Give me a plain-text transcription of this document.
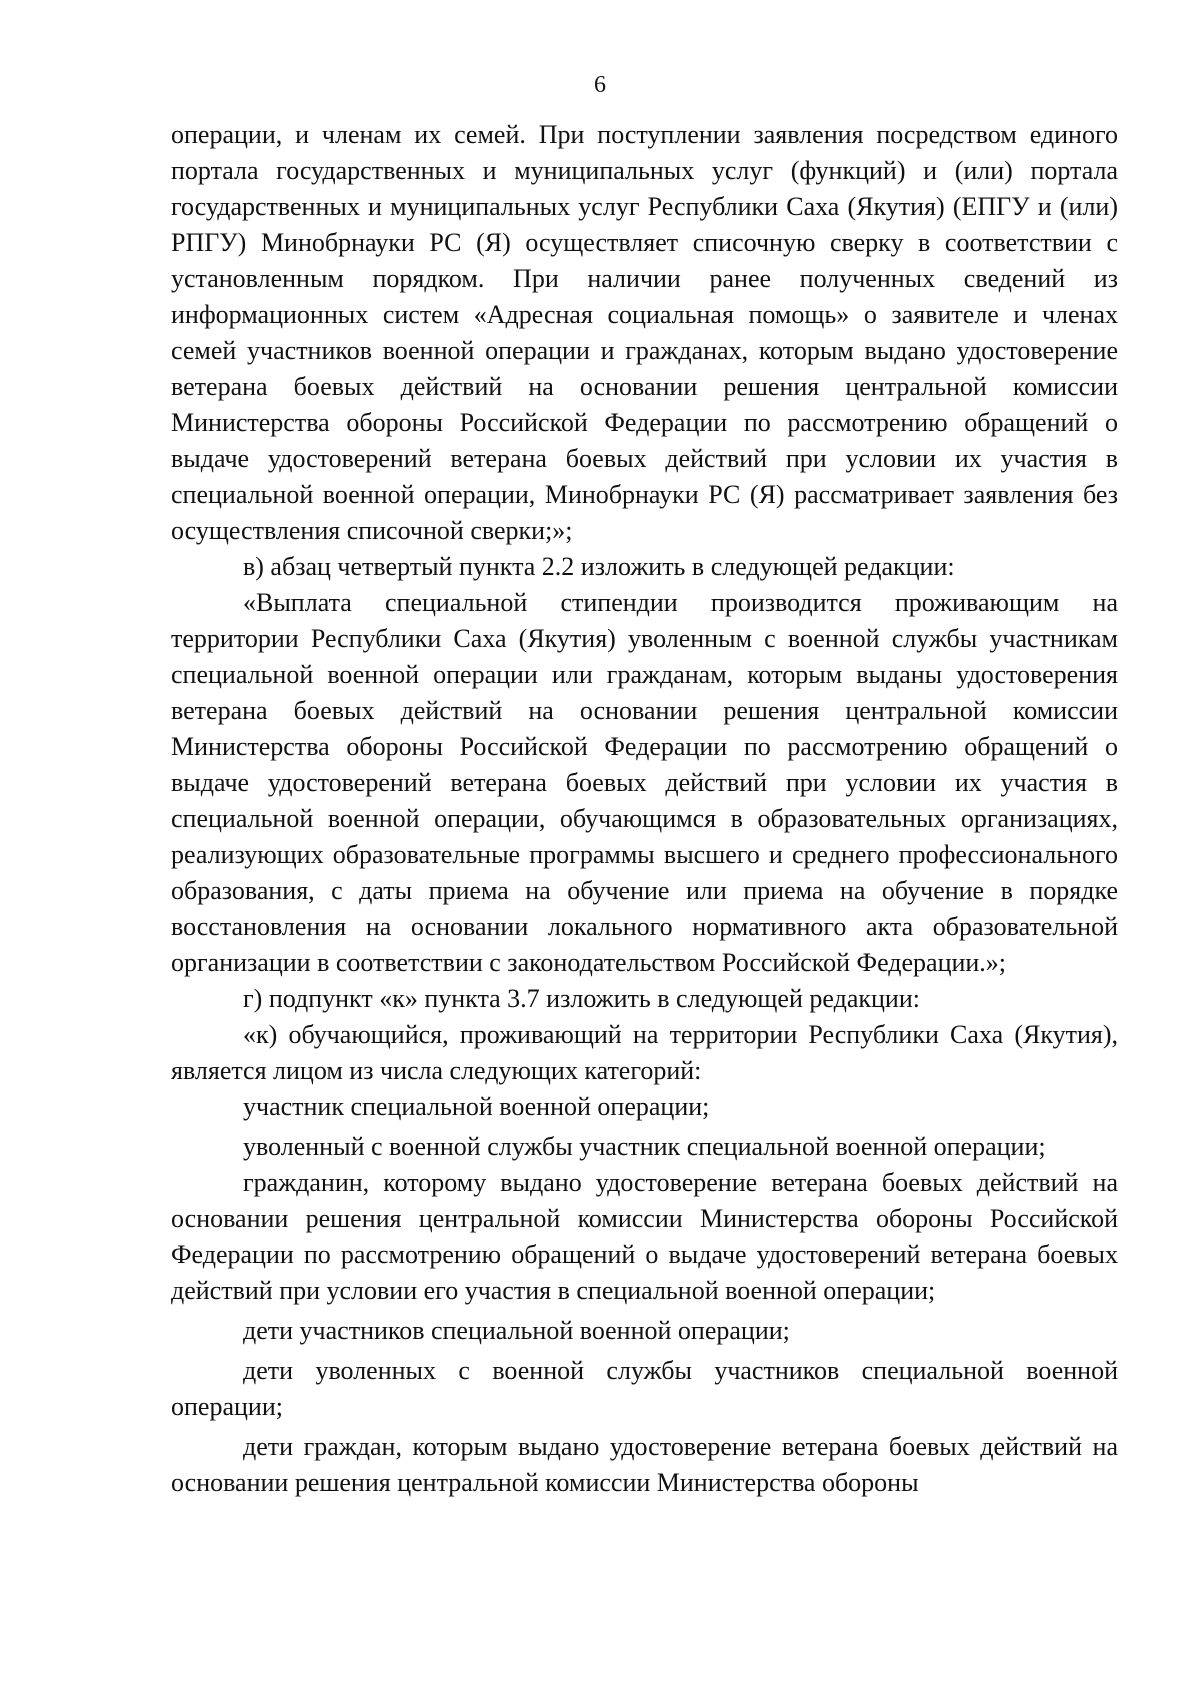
6

операции, и членам их семей. При поступлении заявления посредством единого портала государственных и муниципальных услуг (функций) и (или) портала государственных и муниципальных услуг Республики Саха (Якутия) (ЕПГУ и (или) РПГУ) Минобрнауки РС (Я) осуществляет списочную сверку в соответствии с установленным порядком. При наличии ранее полученных сведений из информационных систем «Адресная социальная помощь» о заявителе и членах семей участников военной операции и гражданах, которым выдано удостоверение ветерана боевых действий на основании решения центральной комиссии Министерства обороны Российской Федерации по рассмотрению обращений о выдаче удостоверений ветерана боевых действий при условии их участия в специальной военной операции, Минобрнауки РС (Я) рассматривает заявления без осуществления списочной сверки;»;

в) абзац четвертый пункта 2.2 изложить в следующей редакции:

«Выплата специальной стипендии производится проживающим на территории Республики Саха (Якутия) уволенным с военной службы участникам специальной военной операции или гражданам, которым выданы удостоверения ветерана боевых действий на основании решения центральной комиссии Министерства обороны Российской Федерации по рассмотрению обращений о выдаче удостоверений ветерана боевых действий при условии их участия в специальной военной операции, обучающимся в образовательных организациях, реализующих образовательные программы высшего и среднего профессионального образования, с даты приема на обучение или приема на обучение в порядке восстановления на основании локального нормативного акта образовательной организации в соответствии с законодательством Российской Федерации.»;

г) подпункт «к» пункта 3.7 изложить в следующей редакции:

«к) обучающийся, проживающий на территории Республики Саха (Якутия), является лицом из числа следующих категорий:

участник специальной военной операции;

уволенный с военной службы участник специальной военной операции;

гражданин, которому выдано удостоверение ветерана боевых действий на основании решения центральной комиссии Министерства обороны Российской Федерации по рассмотрению обращений о выдаче удостоверений ветерана боевых действий при условии его участия в специальной военной операции;

дети участников специальной военной операции;

дети уволенных с военной службы участников специальной военной операции;

дети граждан, которым выдано удостоверение ветерана боевых действий на основании решения центральной комиссии Министерства обороны
